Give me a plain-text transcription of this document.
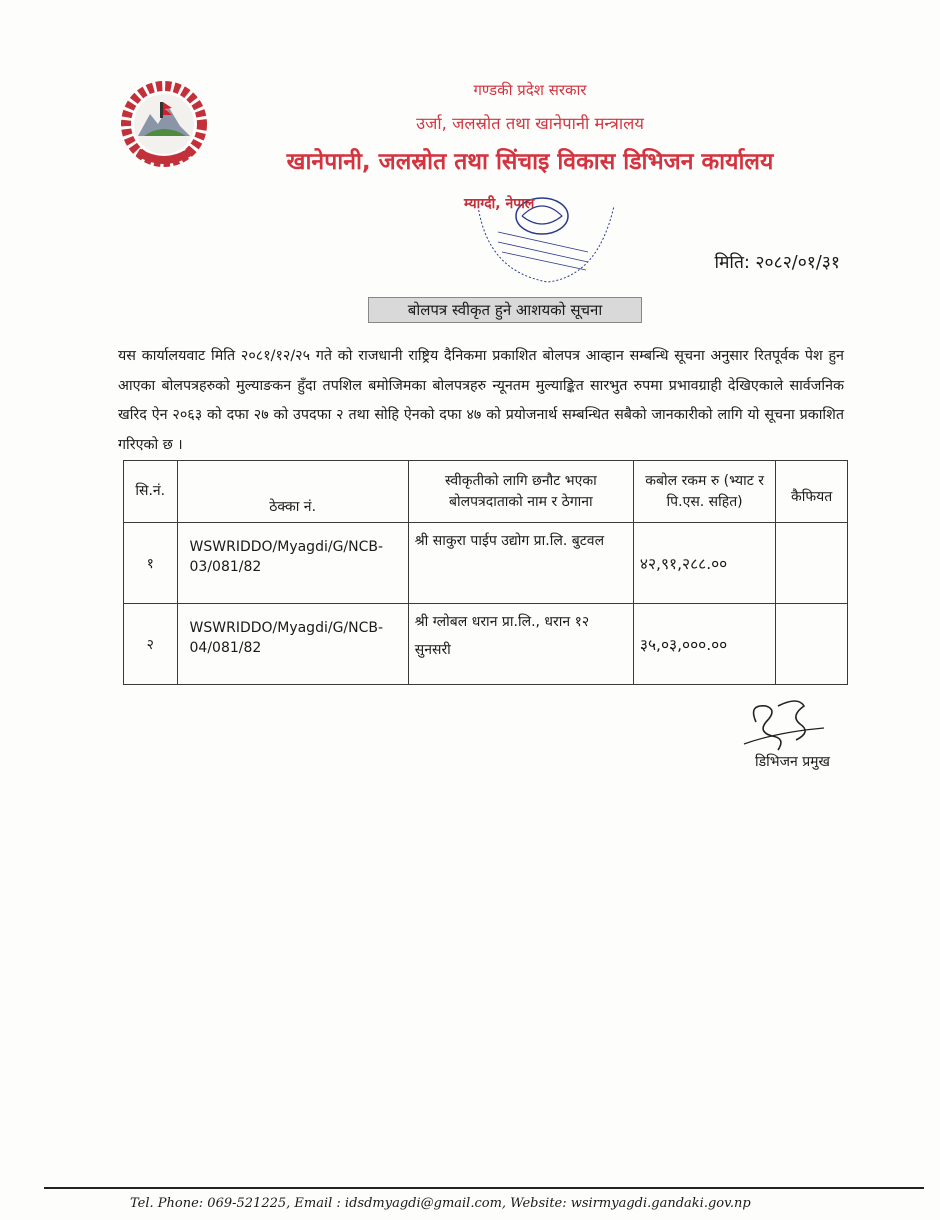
गण्डकी प्रदेश सरकार
उर्जा, जलस्रोत तथा खानेपानी मन्त्रालय
खानेपानी, जलस्रोत तथा सिंचाइ विकास डिभिजन कार्यालय
म्याग्दी, नेपाल
मिति: २०८२/०१/३१
बोलपत्र स्वीकृत हुने आशयको सूचना
यस कार्यालयवाट मिति २०८१/१२/२५ गते को राजधानी राष्ट्रिय दैनिकमा प्रकाशित बोलपत्र आव्हान सम्बन्धि सूचना अनुसार रितपूर्वक पेश हुन आएका बोलपत्रहरुको मुल्याङकन हुँदा तपशिल बमोजिमका बोलपत्रहरु न्यूनतम मुल्याङ्कित सारभुत रुपमा प्रभावग्राही देखिएकाले सार्वजनिक खरिद ऐन २०६३ को दफा २७ को उपदफा २ तथा सोहि ऐनको दफा ४७ को प्रयोजनार्थ सम्बन्धित सबैको जानकारीको लागि यो सूचना प्रकाशित गरिएको छ ।
सि.नं.	ठेक्का नं.	स्वीकृतीको लागि छनौट भएका बोलपत्रदाताको नाम र ठेगाना	कबोल रकम रु (भ्याट र पि.एस. सहित)	कैफियत
१	WSWRIDDO/Myagdi/G/NCB-03/081/82	श्री साकुरा पाईप उद्योग प्रा.लि. बुटवल	४२,९१,२८८.००	
२	WSWRIDDO/Myagdi/G/NCB-04/081/82	श्री ग्लोबल धरान प्रा.लि., धरान १२ सुनसरी	३५,०३,०००.००	
डिभिजन प्रमुख
Tel. Phone: 069-521225, Email : idsdmyagdi@gmail.com, Website: wsirmyagdi.gandaki.gov.np
